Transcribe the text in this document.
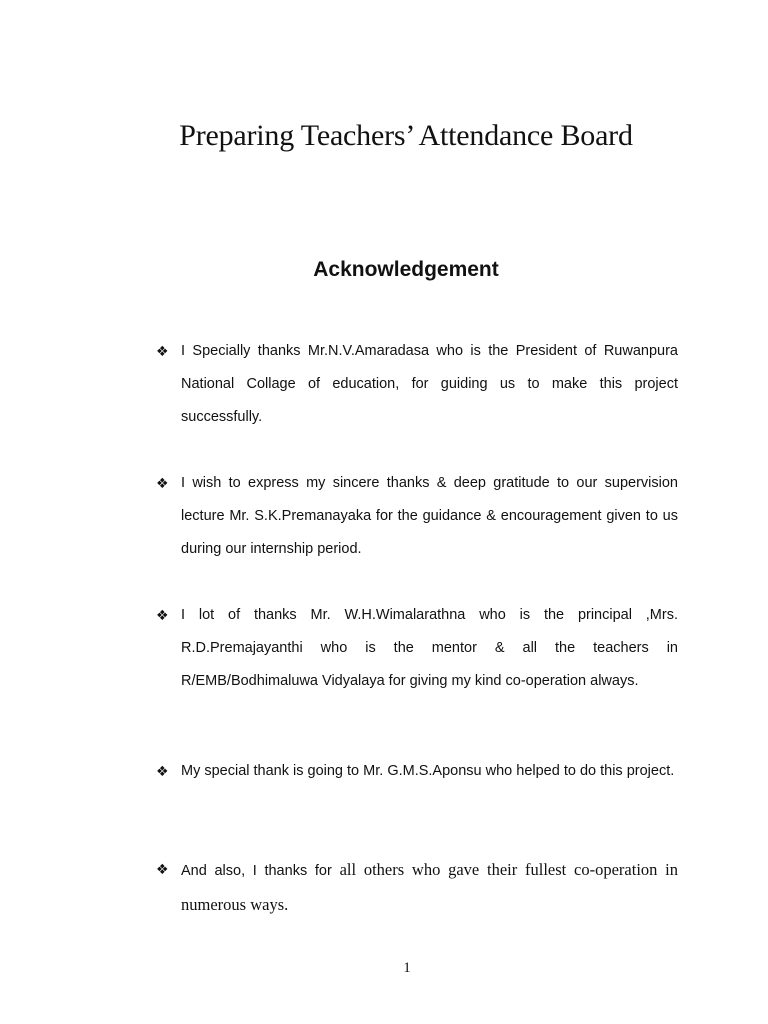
Preparing Teachers’ Attendance Board
Acknowledgement
❖ I Specially thanks Mr.N.V.Amaradasa who is the President of Ruwanpura National Collage of education, for guiding us to make this project successfully.
❖ I wish to express my sincere thanks & deep gratitude to our supervision lecture Mr. S.K.Premanayaka for the guidance & encouragement given to us during our internship period.
❖ I lot of thanks Mr. W.H.Wimalarathna who is the principal ,Mrs. R.D.Premajayanthi who is the mentor & all the teachers in R/EMB/Bodhimaluwa Vidyalaya for giving my kind co-operation always.
❖ My special thank is going to Mr. G.M.S.Aponsu who helped to do this project.
❖ And also, I thanks for all others who gave their fullest co-operation in numerous ways.
1
